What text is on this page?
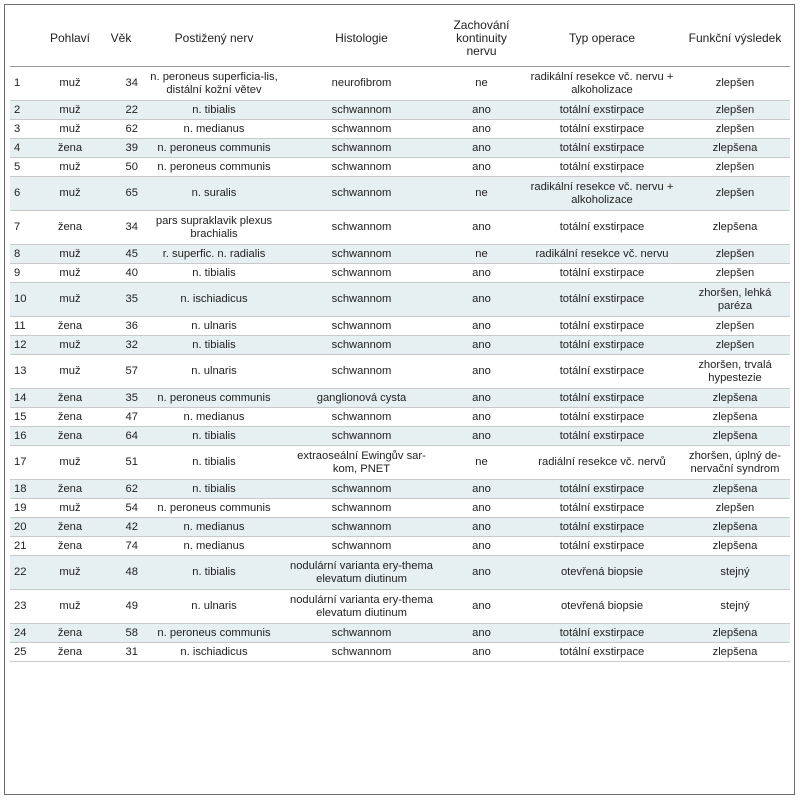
	Pohlaví	Věk	Postižený nerv	Histologie	Zachování kontinuity nervu	Typ operace	Funkční výsledek
1	muž	34	n. peroneus superficia-lis, distální kožní větev	neurofibrom	ne	radikální resekce vč. nervu + alkoholizace	zlepšen
2	muž	22	n. tibialis	schwannom	ano	totální exstirpace	zlepšen
3	muž	62	n. medianus	schwannom	ano	totální exstirpace	zlepšen
4	žena	39	n. peroneus communis	schwannom	ano	totální exstirpace	zlepšena
5	muž	50	n. peroneus communis	schwannom	ano	totální exstirpace	zlepšen
6	muž	65	n. suralis	schwannom	ne	radikální resekce vč. nervu + alkoholizace	zlepšen
7	žena	34	pars supraklavik plexus brachialis	schwannom	ano	totální exstirpace	zlepšena
8	muž	45	r. superfic. n. radialis	schwannom	ne	radikální resekce vč. nervu	zlepšen
9	muž	40	n. tibialis	schwannom	ano	totální exstirpace	zlepšen
10	muž	35	n. ischiadicus	schwannom	ano	totální exstirpace	zhoršen, lehká paréza
11	žena	36	n. ulnaris	schwannom	ano	totální exstirpace	zlepšen
12	muž	32	n. tibialis	schwannom	ano	totální exstirpace	zlepšen
13	muž	57	n. ulnaris	schwannom	ano	totální exstirpace	zhoršen, trvalá hypestezie
14	žena	35	n. peroneus communis	ganglionová cysta	ano	totální exstirpace	zlepšena
15	žena	47	n. medianus	schwannom	ano	totální exstirpace	zlepšena
16	žena	64	n. tibialis	schwannom	ano	totální exstirpace	zlepšena
17	muž	51	n. tibialis	extraoseální Ewingův sar-kom, PNET	ne	radiální resekce vč. nervů	zhoršen, úplný de-nervační syndrom
18	žena	62	n. tibialis	schwannom	ano	totální exstirpace	zlepšena
19	muž	54	n. peroneus communis	schwannom	ano	totální exstirpace	zlepšen
20	žena	42	n. medianus	schwannom	ano	totální exstirpace	zlepšena
21	žena	74	n. medianus	schwannom	ano	totální exstirpace	zlepšena
22	muž	48	n. tibialis	nodulární varianta ery-thema elevatum diutinum	ano	otevřená biopsie	stejný
23	muž	49	n. ulnaris	nodulární varianta ery-thema elevatum diutinum	ano	otevřená biopsie	stejný
24	žena	58	n. peroneus communis	schwannom	ano	totální exstirpace	zlepšena
25	žena	31	n. ischiadicus	schwannom	ano	totální exstirpace	zlepšena
